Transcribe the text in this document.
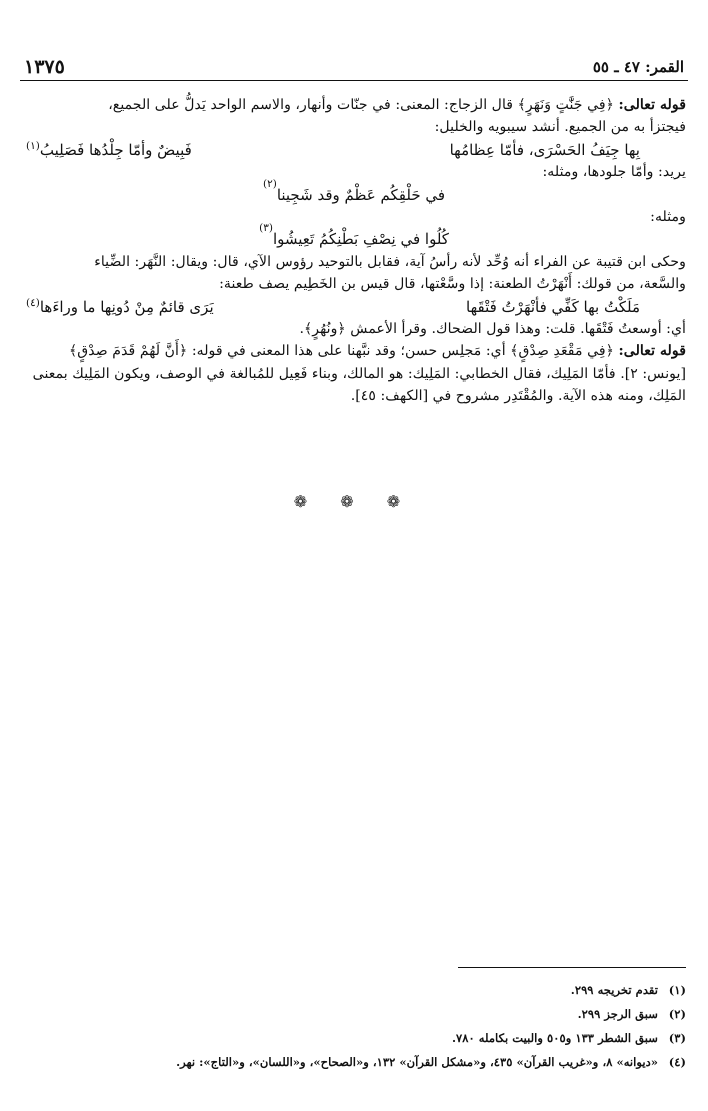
١٣٧٥	القمر: ٤٧ ـ ٥٥

قوله تعالى: ﴿فِي جَنَّٰتٍ وَنَهَرٍ﴾ قال الزجاج: المعنى: في جنّات وأنهار، والاسم الواحد يَدلُّ على الجميع،

فيجتزأ به من الجميع. أنشد سيبويه والخليل:

بِها جِيَفُ الحَسْرَى، فأمّا عِظامُها
فَبِيضٌ وأمّا جِلْدُها فَصَلِيبُ$^{(١)}$

يريد: وأمّا جلودها، ومثله:

في حَلْقِكُم عَظْمٌ وقد شَجِينا
(٢)

ومثله:

كُلُوا في نِصْفِ بَطْنِكُمُ تَعِيشُوا
(٣)

وحكى ابن قتيبة عن الفراء أنه وُحِّد لأنه رأسُ آية، فقابل بالتوحيد رؤوس الآي، قال: ويقال: النَّهَر: الضِّياء

والسَّعة، من قولك: أَنْهَرْتُ الطعنة: إذا وسَّعْتها، قال قيس بن الخَطِيم يصف طعنة:

مَلَكْتُ بها كَفِّي فأنْهَرْتُ فَتْقَها
يَرَى قائمٌ مِنْ دُونِها ما وراءَها$^{(٤)}$

أي: أوسعتُ فَتْقَها. قلت: وهذا قول الضحاك. وقرأ الأعمش ﴿ونُهُرٍ﴾.

قوله تعالى: ﴿فِي مَقْعَدِ صِدْقٍ﴾ أي: مَجلِس حسن؛ وقد نبَّهنا على هذا المعنى في قوله: ﴿أَنَّ لَهُمْ قَدَمَ صِدْقٍ﴾

[يونس: ٢]. فأمّا المَلِيك، فقال الخطابي: المَلِيك: هو المالك، وبناء فَعِيل للمُبالغة في الوصف، ويكون المَلِيك بمعنى

المَلِك، ومنه هذه الآية. والمُقْتَدِر مشروح في [الكهف: ٤٥].

❁ ❁ ❁
(١)
تقدم تخريجه ٢٩٩.
(٢)
سبق الرجز ٢٩٩.
(٣)
سبق الشطر ١٣٣ و٥٠٥ والبيت بكامله ٧٨٠.
(٤)
«ديوانه» ٨، و«غريب القرآن» ٤٣٥، و«مشكل القرآن» ١٣٢، و«الصحاح»، و«اللسان»، و«التاج»: نهر.
